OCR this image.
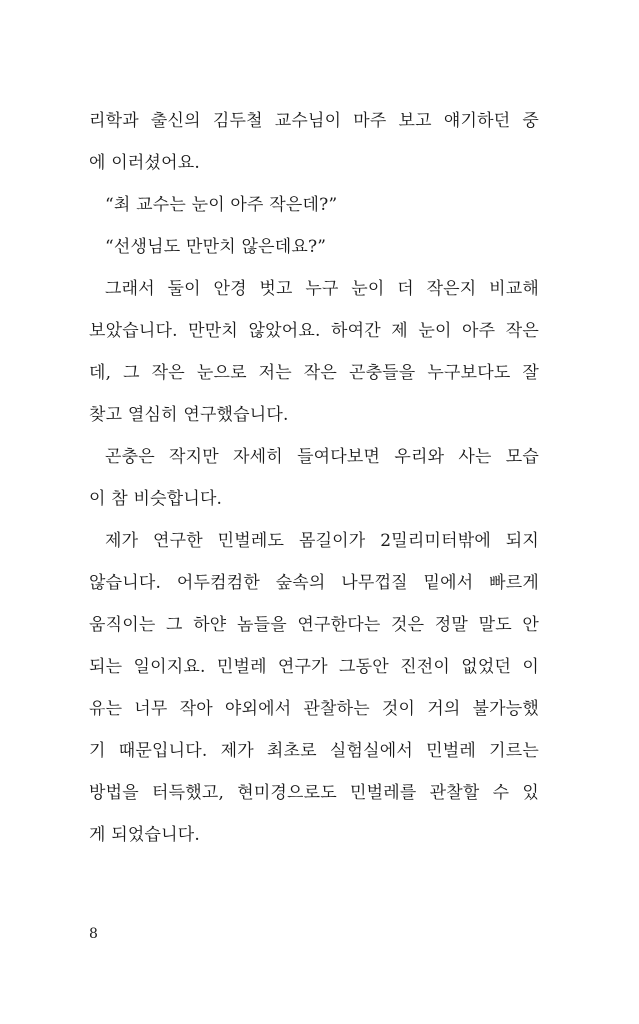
리학과 출신의 김두철 교수님이 마주 보고 얘기하던 중
에 이러셨어요.
“최 교수는 눈이 아주 작은데?”
“선생님도 만만치 않은데요?”
그래서 둘이 안경 벗고 누구 눈이 더 작은지 비교해
보았습니다. 만만치 않았어요. 하여간 제 눈이 아주 작은
데, 그 작은 눈으로 저는 작은 곤충들을 누구보다도 잘
찾고 열심히 연구했습니다.
곤충은 작지만 자세히 들여다보면 우리와 사는 모습
이 참 비슷합니다.
제가 연구한 민벌레도 몸길이가 2밀리미터밖에 되지
않습니다. 어두컴컴한 숲속의 나무껍질 밑에서 빠르게
움직이는 그 하얀 놈들을 연구한다는 것은 정말 말도 안
되는 일이지요. 민벌레 연구가 그동안 진전이 없었던 이
유는 너무 작아 야외에서 관찰하는 것이 거의 불가능했
기 때문입니다. 제가 최초로 실험실에서 민벌레 기르는
방법을 터득했고, 현미경으로도 민벌레를 관찰할 수 있
게 되었습니다.
8
